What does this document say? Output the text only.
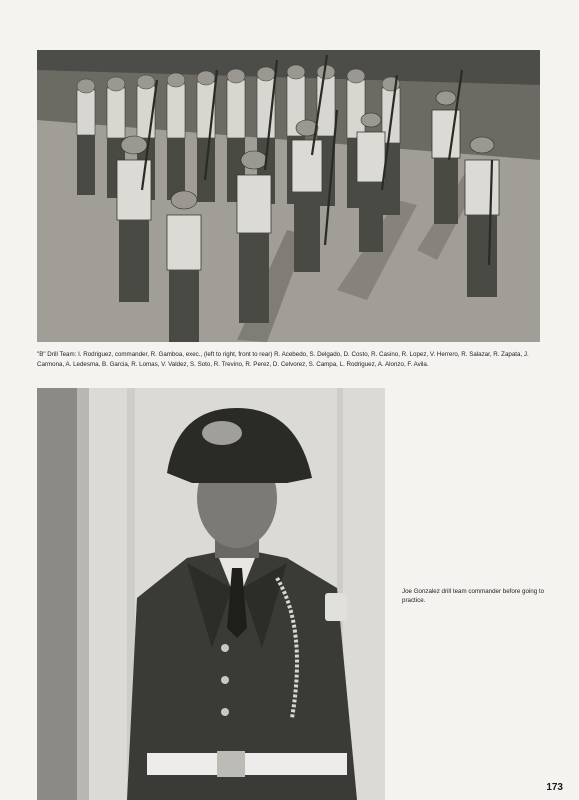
"B" Drill Team: I. Rodriguez, commander, R. Gamboa, exec., (left to right, front to rear) R. Acebedo, S. Delgado, D. Costo, R. Casino, R. Lopez, V. Herrero, R. Salazar, R. Zapata, J. Carmona, A. Ledesma, B. Garcia, R. Lomas, V. Valdez, S. Soto, R. Trevino, R. Perez, D. Celvorez, S. Campa, L. Rodriguez, A. Alonzo, F. Avila.
Joe Gonzalez drill team commander before going to practice.
173
